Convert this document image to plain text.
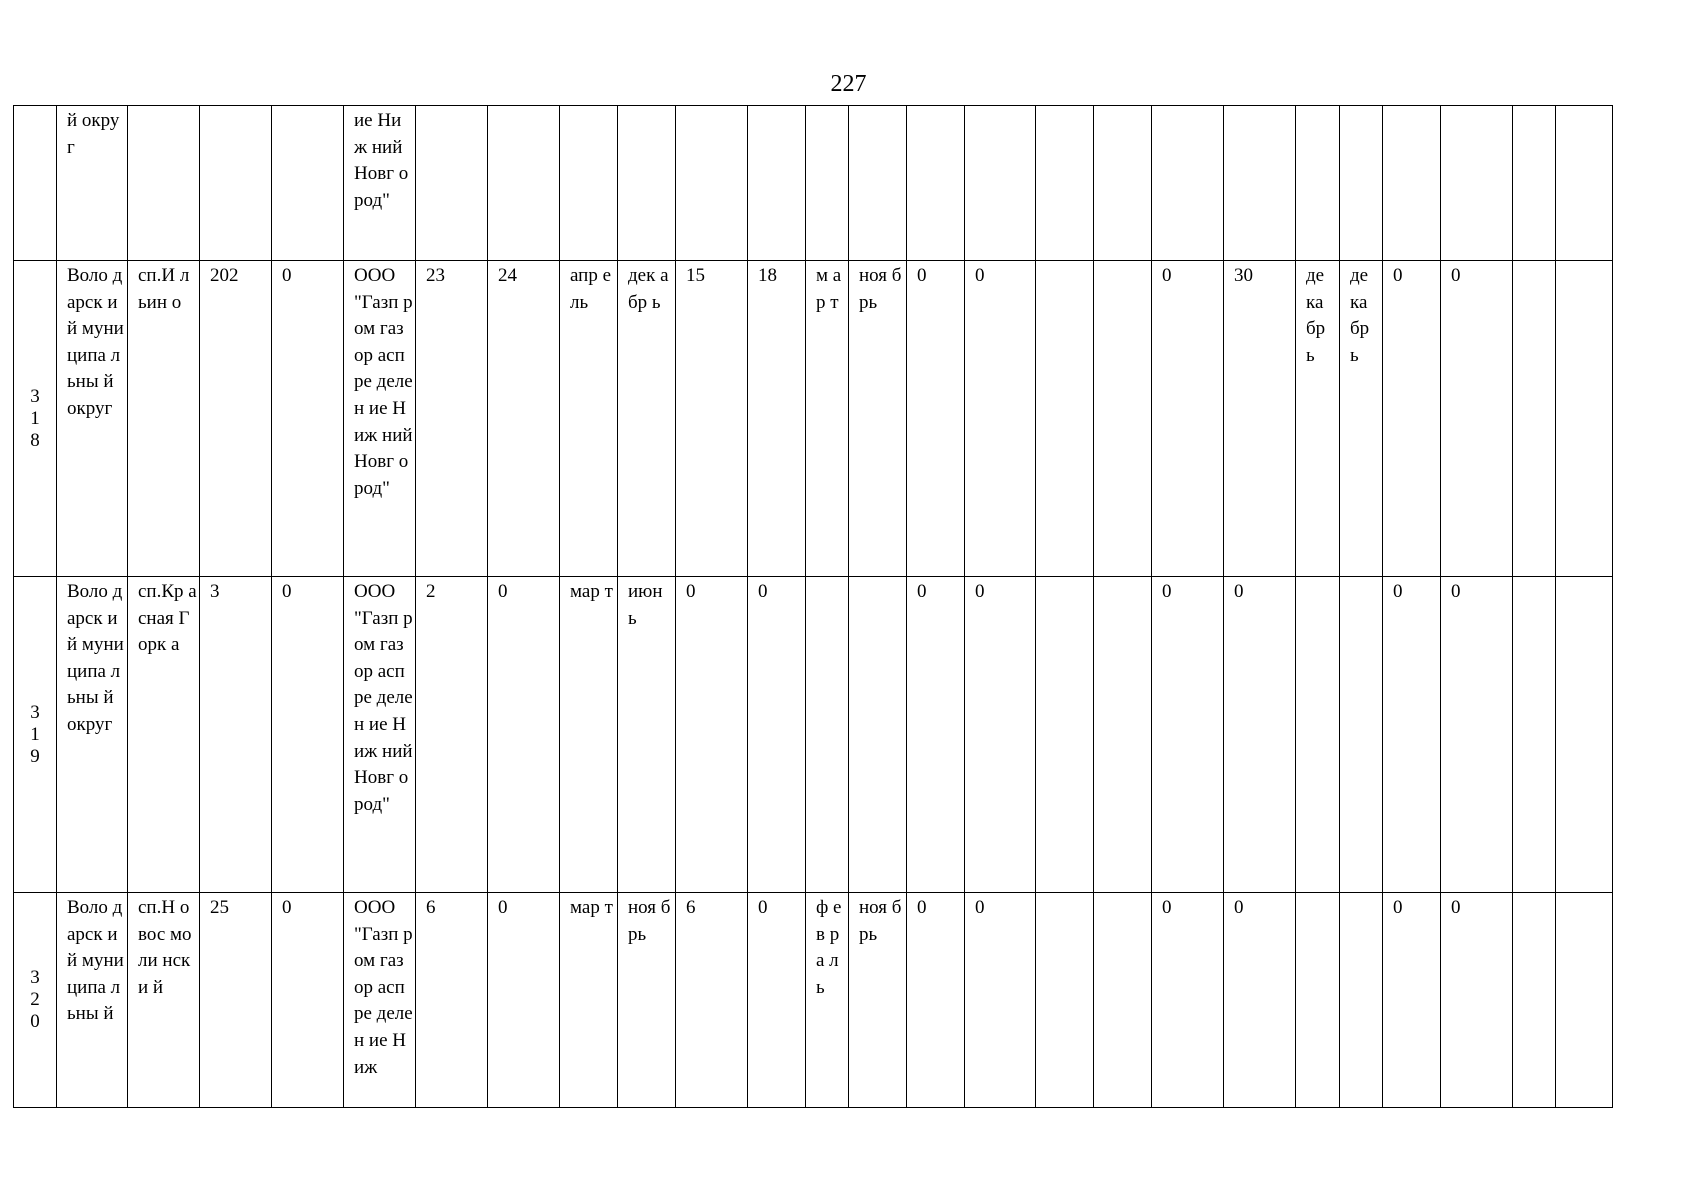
227
	й округ				ие Ниж ний Новг ород"																				

3
1
8	Воло дарск ий муни ципа льны й округ	сп.И льин о	202	0	ООО "Газп ром газор аспре делен ие Ниж ний Новг ород"	23	24	апр ель	дек абр ь	15	18	м ар т	ноя брь	0	0			0	30	де ка бр ь	де ка бр ь	0	0		

3
1
9	Воло дарск ий муни ципа льны й округ	сп.Кр асная Горк а	3	0	ООО "Газп ром газор аспре делен ие Ниж ний Новг ород"	2	0	мар т	июн ь	0	0			0	0			0	0			0	0		

3
2
0	Воло дарск ий муни ципа льны й	сп.Н овос моли нски й	25	0	ООО "Газп ром газор аспре делен ие Ниж	6	0	мар т	ноя брь	6	0	ф ев ра ль	ноя брь	0	0			0	0			0	0		
